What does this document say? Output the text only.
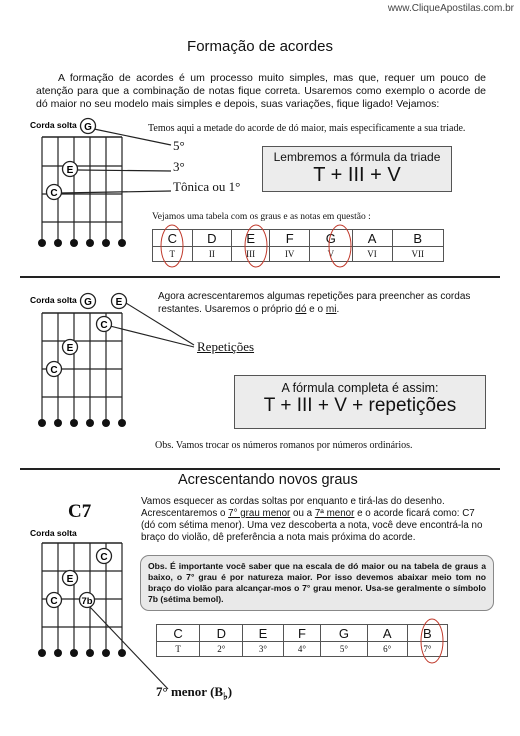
www.CliqueApostilas.com.br
Formação de acordes
A formação de acordes é um processo muito simples, mas que, requer um pouco de atenção para que a combinação de notas fique correta. Usaremos como exemplo o acorde de dó maior no seu modelo mais simples e depois, suas variações, fique ligado! Vejamos:
Corda solta G
E
C
Temos aqui a metade do acorde de dó maior, mais especificamente a sua triade.
5°
3°
Tônica ou 1°
Lembremos a fórmula da triade
T + III + V
Vejamos uma tabela com os graus e as notas em questão :
C	D	E	F	G	A	B
T	II	III	IV	V	VI	VII
Corda solta G E
C
E
C
Agora acrescentaremos algumas repetições para preencher as cordas restantes. Usaremos o próprio dó e o mi.
Repetições
A fórmula completa é assim:
T + III + V + repetições
Obs. Vamos trocar os números romanos por números ordinários.
Acrescentando novos graus
C7
Corda solta
C
E
C	7b
Vamos esquecer as cordas soltas por enquanto e tirá-las do desenho. Acrescentaremos o 7° grau menor ou a 7ª menor e o acorde ficará como: C7 (dó com sétima menor). Uma vez descoberta a nota, você deve encontrá-la no braço do violão, dê preferência a nota mais próxima do acorde.
Obs. É importante você saber que na escala de dó maior ou na tabela de graus a baixo, o 7° grau é por natureza maior. Por isso devemos abaixar meio tom no braço do violão para alcançar-mos o 7° grau menor. Usa-se geralmente o símbolo 7b (sétima bemol).
C	D	E	F	G	A	B
T	2°	3°	4°	5°	6°	7°
7° menor $(B_♭)$
